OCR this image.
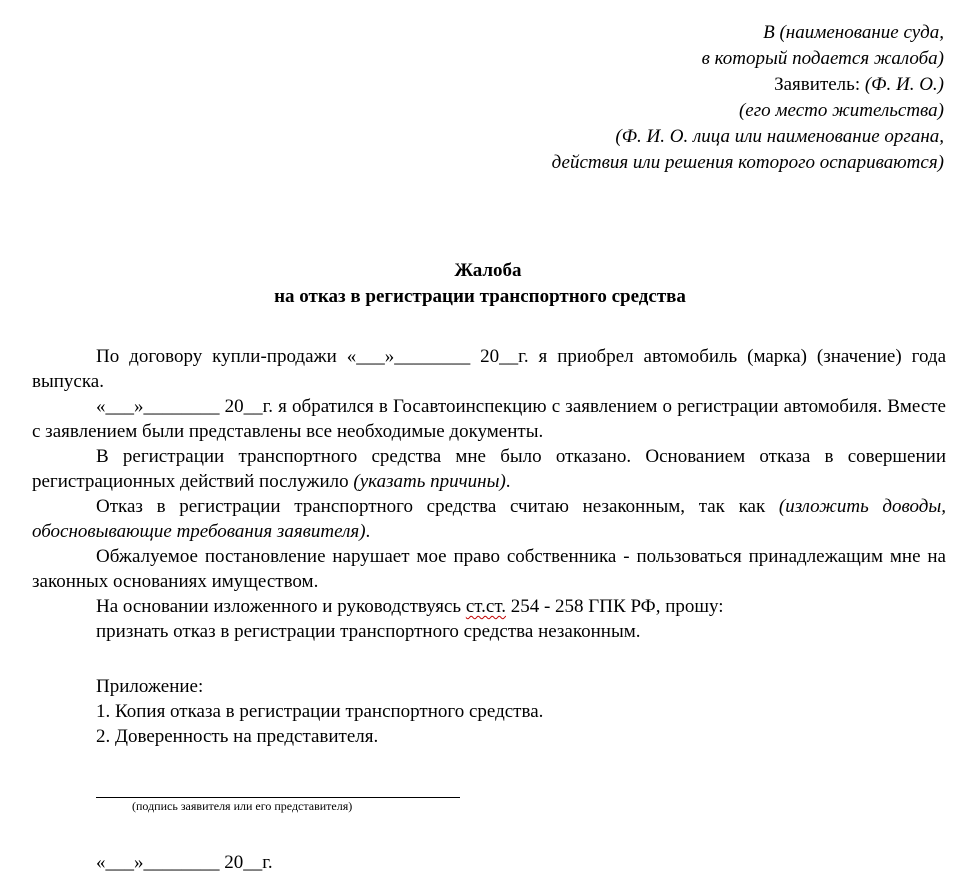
В (наименование суда,
в который подается жалоба)
Заявитель: (Ф. И. О.)
(его место жительства)
(Ф. И. О. лица или наименование органа,
действия или решения которого оспариваются)
Жалоба
на отказ в регистрации транспортного средства

По договору купли-продажи «___»________ 20__г. я приобрел автомобиль (марка) (значение) года выпуска.

«___»________ 20__г. я обратился в Госавтоинспекцию с заявлением о регистрации автомобиля. Вместе с заявлением были представлены все необходимые документы.

В регистрации транспортного средства мне было отказано. Основанием отказа в совершении регистрационных действий послужило (указать причины).

Отказ в регистрации транспортного средства считаю незаконным, так как (изложить доводы, обосновывающие требования заявителя).

Обжалуемое постановление нарушает мое право собственника - пользоваться принадлежащим мне на законных основаниях имуществом.

На основании изложенного и руководствуясь ст.ст. 254 - 258 ГПК РФ, прошу:

признать отказ в регистрации транспортного средства незаконным.

Приложение:
1. Копия отказа в регистрации транспортного средства.
2. Доверенность на представителя.
(подпись заявителя или его представителя)
«___»________ 20__г.
